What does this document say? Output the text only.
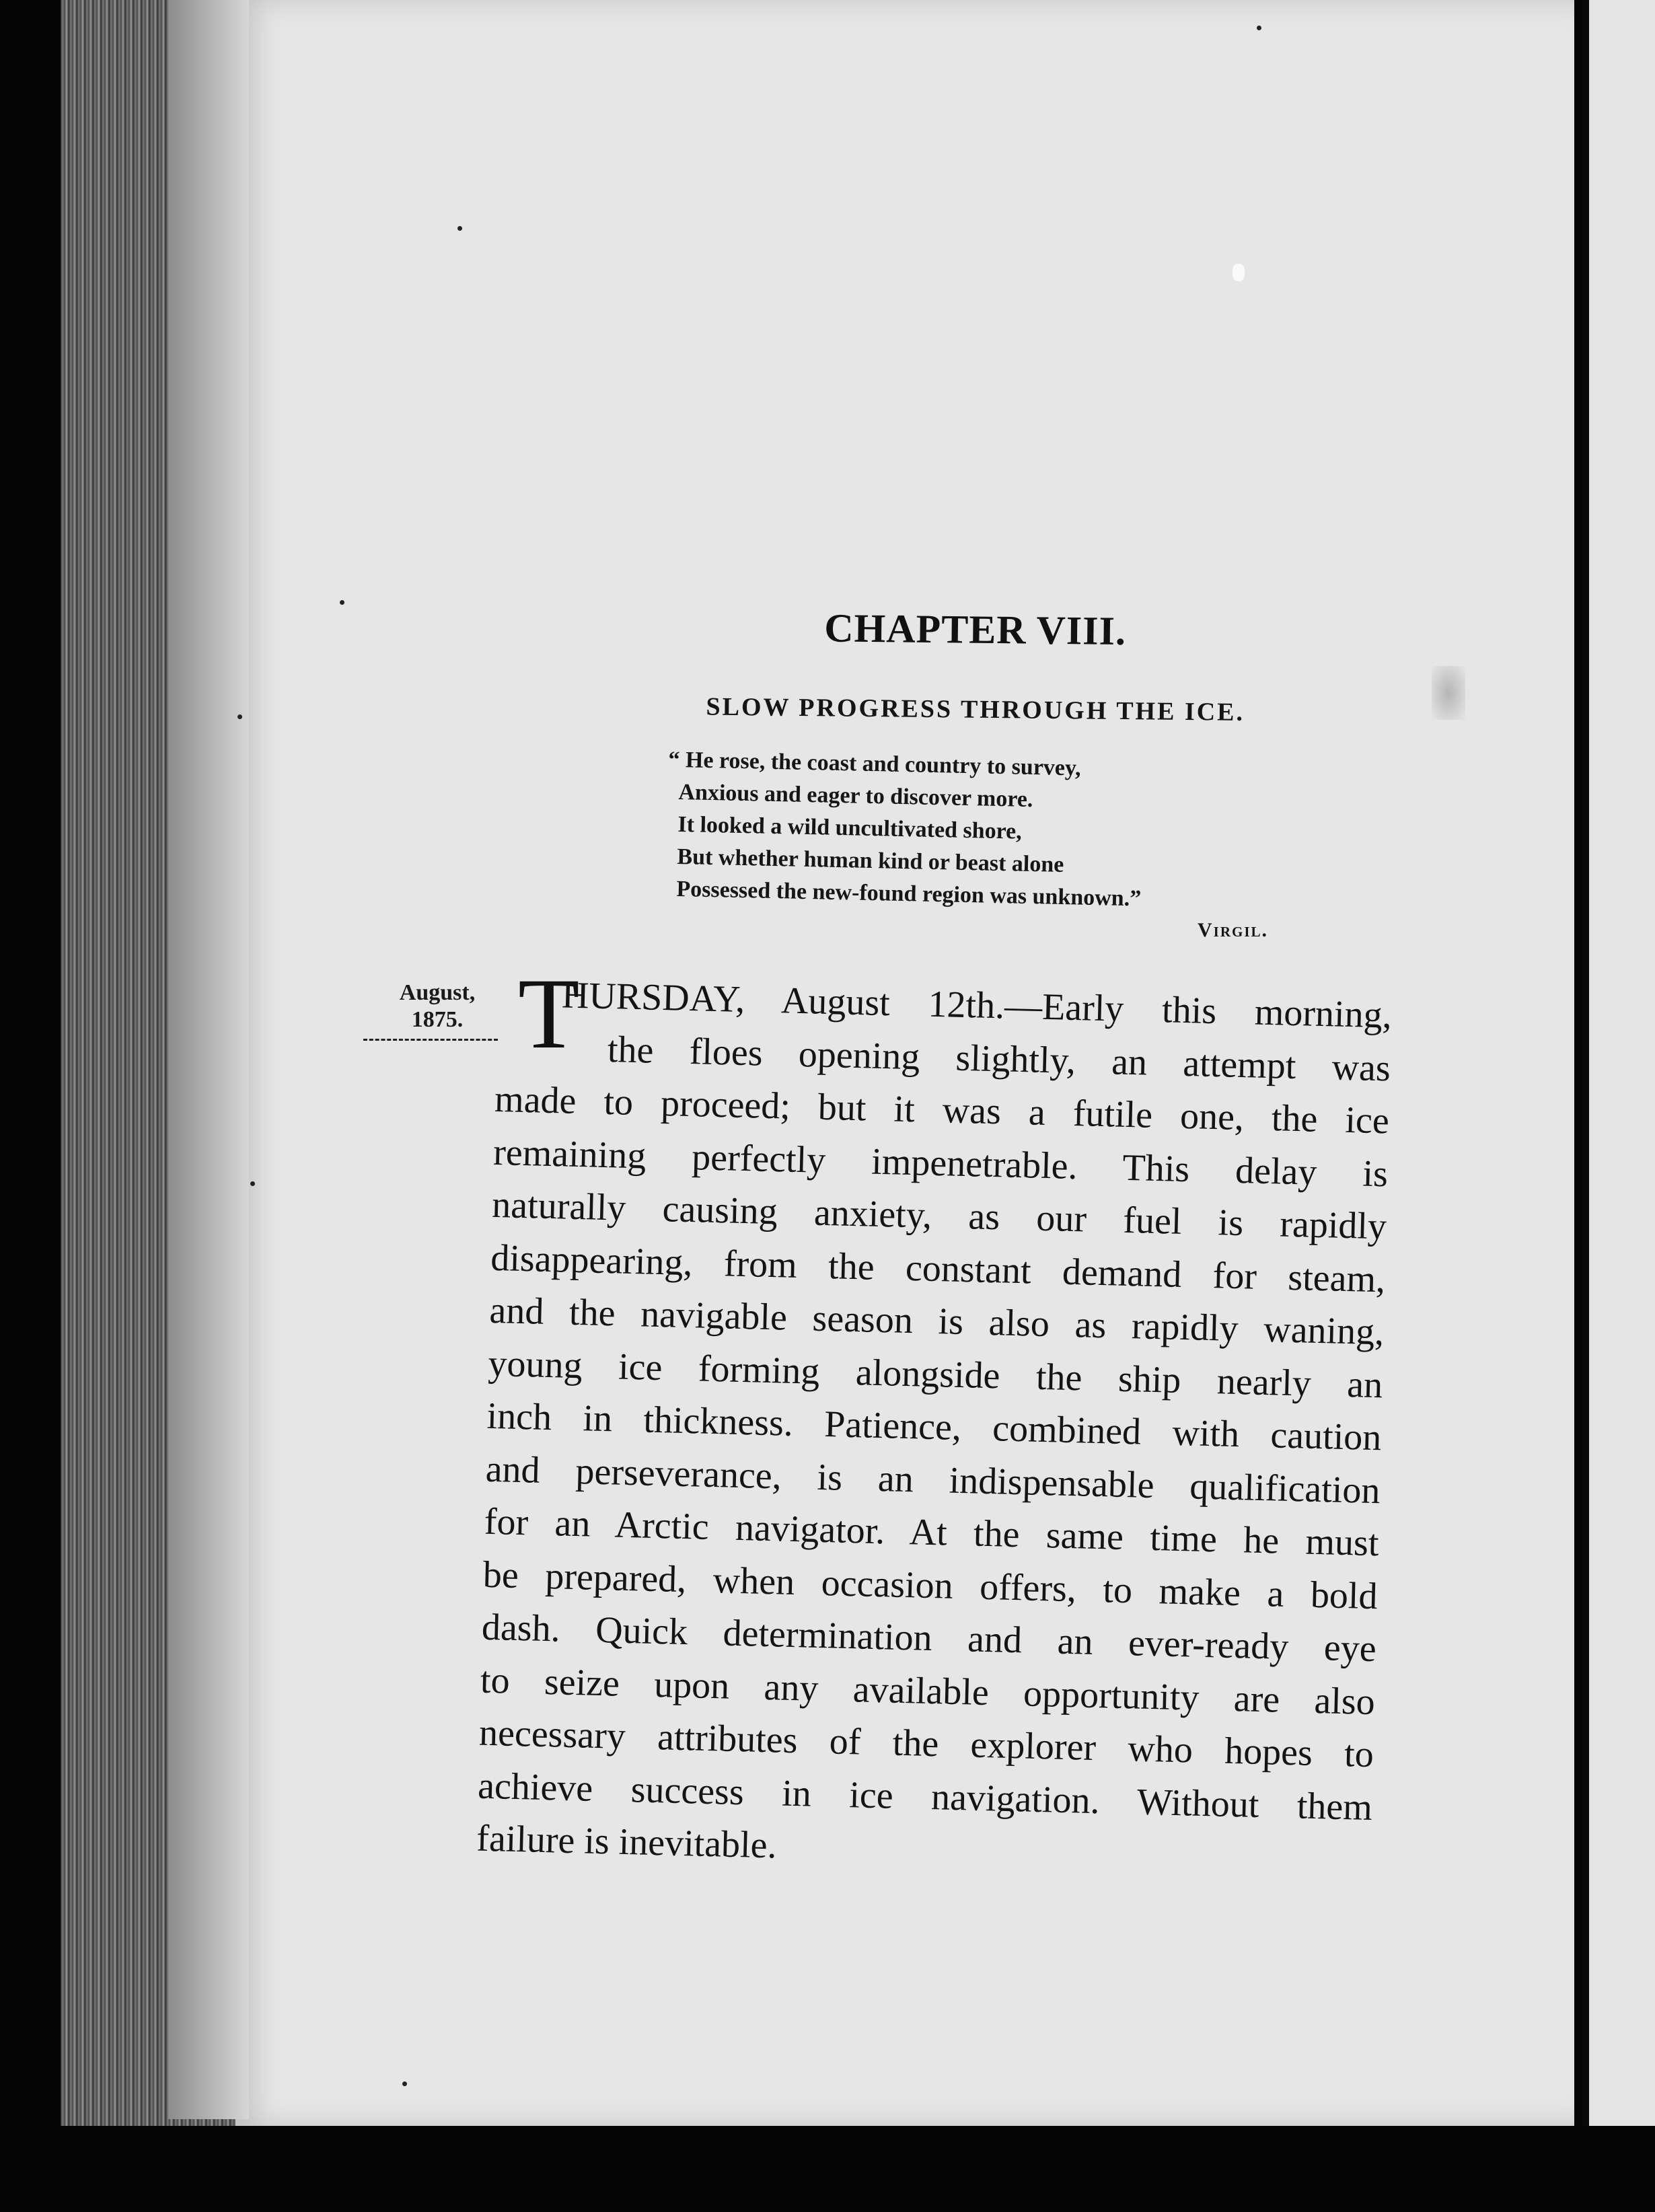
CHAPTER VIII.
SLOW PROGRESS THROUGH THE ICE.
“ He rose, the coast and country to survey,
Anxious and eager to discover more.
It looked a wild uncultivated shore,
But whether human kind or beast alone
Possessed the new-found region was unknown.”
Virgil.
August,
1875. T
HURSDAY, August 12th.—Early this morning,
the floes opening slightly, an attempt was
made to proceed; but it was a futile one, the ice
remaining perfectly impenetrable. This delay is
naturally causing anxiety, as our fuel is rapidly
disappearing, from the constant demand for steam,
and the navigable season is also as rapidly waning,
young ice forming alongside the ship nearly an
inch in thickness. Patience, combined with caution
and perseverance, is an indispensable qualification
for an Arctic navigator. At the same time he must
be prepared, when occasion offers, to make a bold
dash. Quick determination and an ever-ready eye
to seize upon any available opportunity are also
necessary attributes of the explorer who hopes to
achieve success in ice navigation. Without them
failure is inevitable.
